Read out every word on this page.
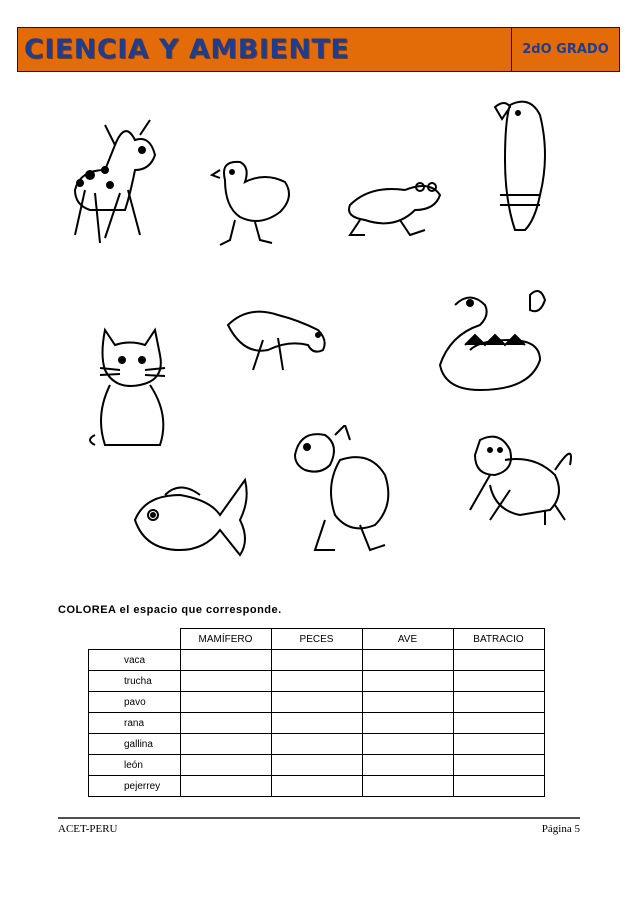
CIENCIA Y AMBIENTE	2dO GRADO
COLOREA el espacio que corresponde.
	MAMÍFERO	PECES	AVE	BATRACIO
vaca				
trucha				
pavo				
rana				
gallina				
león				
pejerrey				
ACET-PERU	Página 5
